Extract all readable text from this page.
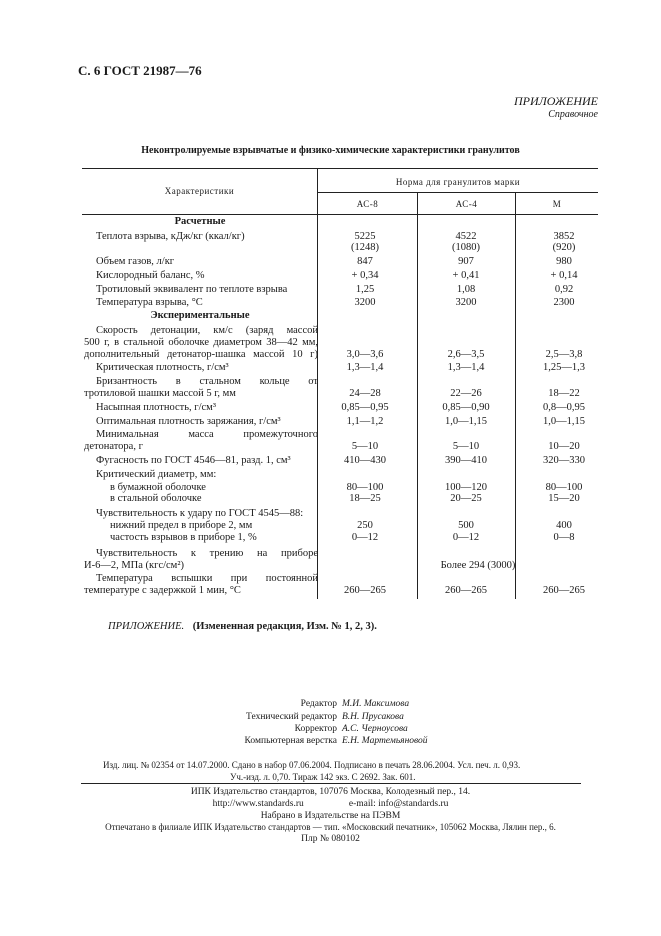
С. 6 ГОСТ 21987—76
ПРИЛОЖЕНИЕ
Справочное
Неконтролируемые взрывчатые и физико-химические характеристики гранулитов
Характеристики
Норма для гранулитов марки
АС-8	АС-4	М
Расчетные
Экспериментальные
Теплота взрыва, кДж/кг (ккал/кг)	5225	4522	3852
(1248)	(1080)	(920)
Объем газов, л/кг	847	907	980
Кислородный баланс, %	+ 0,34	+ 0,41	+ 0,14
Тротиловый эквивалент по теплоте взрыва	1,25	1,08	0,92
Температура взрыва, °С	3200	3200	2300
Скорость детонации, км/с (заряд массой
500 г, в стальной оболочке диаметром 38—42 мм,
дополнительный детонатор-шашка массой 10 г)	3,0—3,6	2,6—3,5	2,5—3,8
Критическая плотность, г/см³	1,3—1,4	1,3—1,4	1,25—1,3
Бризантность в стальном кольце от
тротиловой шашки массой 5 г, мм	24—28	22—26	18—22
Насыпная плотность, г/см³	0,85—0,95	0,85—0,90	0,8—0,95
Оптимальная плотность заряжания, г/см³	1,1—1,2	1,0—1,15	1,0—1,15
Минимальная масса промежуточного
детонатора, г	5—10	5—10	10—20
Фугасность по ГОСТ 4546—81, разд. 1, см³	410—430	390—410	320—330
Критический диаметр, мм:
в бумажной оболочке	80—100	100—120	80—100
в стальной оболочке	18—25	20—25	15—20
Чувствительность к удару по ГОСТ 4545—88:
нижний предел в приборе 2, мм	250	500	400
частость взрывов в приборе 1, %	0—12	0—12	0—8
Чувствительность к трению на приборе
И-6—2, МПа (кгс/см²)	Более 294 (3000)
Температура вспышки при постоянной
температуре с задержкой 1 мин, °С	260—265	260—265	260—265
ПРИЛОЖЕНИЕ. (Измененная редакция, Изм. № 1, 2, 3).
Редактор М.И. Максимова
Технический редактор В.Н. Прусакова
Корректор А.С. Черноусова
Компьютерная верстка Е.Н. Мартемьяновой
Изд. лиц. № 02354 от 14.07.2000. Сдано в набор 07.06.2004. Подписано в печать 28.06.2004. Усл. печ. л. 0,93.
Уч.-изд. л. 0,70. Тираж 142 экз. С 2692. Зак. 601.
ИПК Издательство стандартов, 107076 Москва, Колодезный пер., 14.
http://www.standards.ru                   e-mail: info@standards.ru
Набрано в Издательстве на ПЭВМ
Отпечатано в филиале ИПК Издательство стандартов — тип. «Московский печатник», 105062 Москва, Лялин пер., 6.
Плр № 080102
